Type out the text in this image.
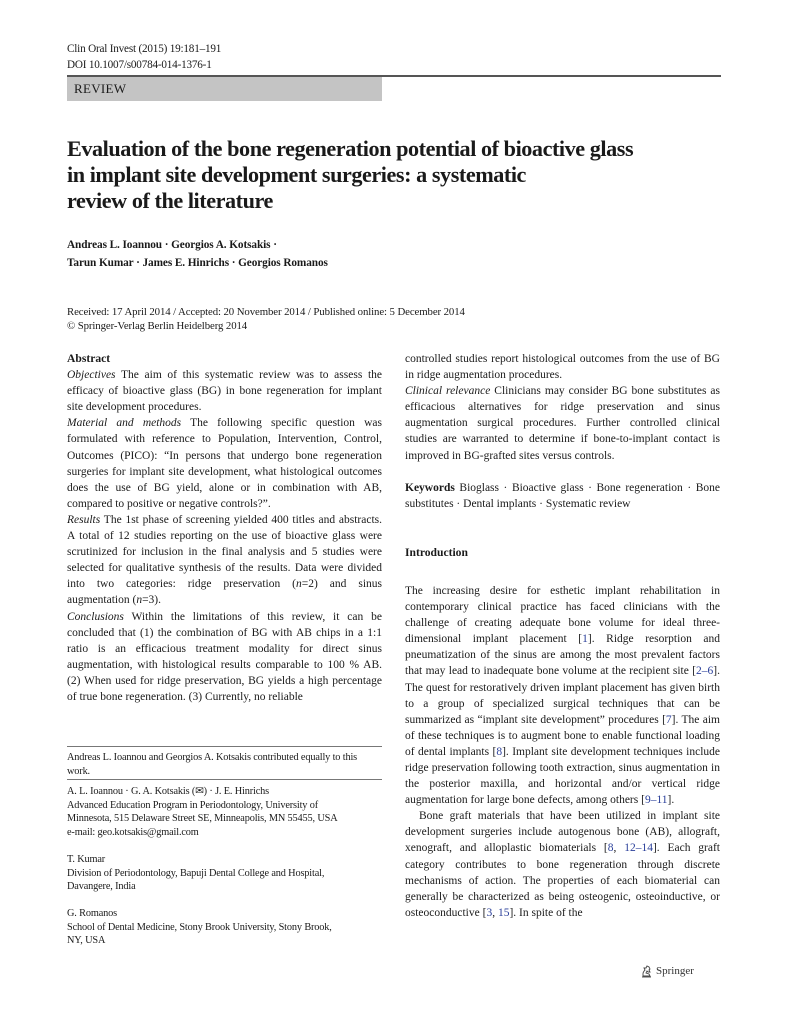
Clin Oral Invest (2015) 19:181–191
DOI 10.1007/s00784-014-1376-1
REVIEW
Evaluation of the bone regeneration potential of bioactive glass
in implant site development surgeries: a systematic
review of the literature
Andreas L. Ioannou · Georgios A. Kotsakis ·
Tarun Kumar · James E. Hinrichs · Georgios Romanos
Received: 17 April 2014 / Accepted: 20 November 2014 / Published online: 5 December 2014
© Springer-Verlag Berlin Heidelberg 2014

Abstract

Objectives The aim of this systematic review was to assess the efficacy of bioactive glass (BG) in bone regeneration for implant site development procedures.

Material and methods The following specific question was formulated with reference to Population, Intervention, Control, Outcomes (PICO): “In persons that undergo bone regeneration surgeries for implant site development, what histological outcomes does the use of BG yield, alone or in combination with AB, compared to positive or negative controls?”.

Results The 1st phase of screening yielded 400 titles and abstracts. A total of 12 studies reporting on the use of bioactive glass were scrutinized for inclusion in the final analysis and 5 studies were selected for qualitative synthesis of the results. Data were divided into two categories: ridge preservation (n=2) and sinus augmentation (n=3).

Conclusions Within the limitations of this review, it can be concluded that (1) the combination of BG with AB chips in a 1:1 ratio is an efficacious treatment modality for direct sinus augmentation, with histological results comparable to 100 % AB. (2) When used for ridge preservation, BG yields a high percentage of true bone regeneration. (3) Currently, no reliable

Andreas L. Ioannou and Georgios A. Kotsakis contributed equally to this work.

A. L. Ioannou · G. A. Kotsakis (✉) · J. E. Hinrichs

Advanced Education Program in Periodontology, University of

Minnesota, 515 Delaware Street SE, Minneapolis, MN 55455, USA

e-mail: geo.kotsakis@gmail.com

T. Kumar

Division of Periodontology, Bapuji Dental College and Hospital,

Davangere, India

G. Romanos

School of Dental Medicine, Stony Brook University, Stony Brook,

NY, USA

controlled studies report histological outcomes from the use of BG in ridge augmentation procedures.

Clinical relevance Clinicians may consider BG bone substitutes as efficacious alternatives for ridge preservation and sinus augmentation surgical procedures. Further controlled clinical studies are warranted to determine if bone-to-implant contact is improved in BG-grafted sites versus controls.

Keywords Bioglass · Bioactive glass · Bone regeneration · Bone substitutes · Dental implants · Systematic review

Introduction

The increasing desire for esthetic implant rehabilitation in contemporary clinical practice has faced clinicians with the challenge of creating adequate bone volume for ideal three-dimensional implant placement [1]. Ridge resorption and pneumatization of the sinus are among the most prevalent factors that may lead to inadequate bone volume at the recipient site [2–6]. The quest for restoratively driven implant placement has given birth to a group of specialized surgical techniques that can be summarized as “implant site development” procedures [7]. The aim of these techniques is to augment bone to enable functional loading of dental implants [8]. Implant site development techniques include ridge preservation following tooth extraction, sinus augmentation in the posterior maxilla, and horizontal and/or vertical ridge augmentation for large bone defects, among others [9–11].

Bone graft materials that have been utilized in implant site development surgeries include autogenous bone (AB), allograft, xenograft, and alloplastic biomaterials [8, 12–14]. Each graft category contributes to bone regeneration through discrete mechanisms of action. The properties of each biomaterial can generally be characterized as being osteogenic, osteoinductive, or osteoconductive [3, 15]. In spite of the

Springer
